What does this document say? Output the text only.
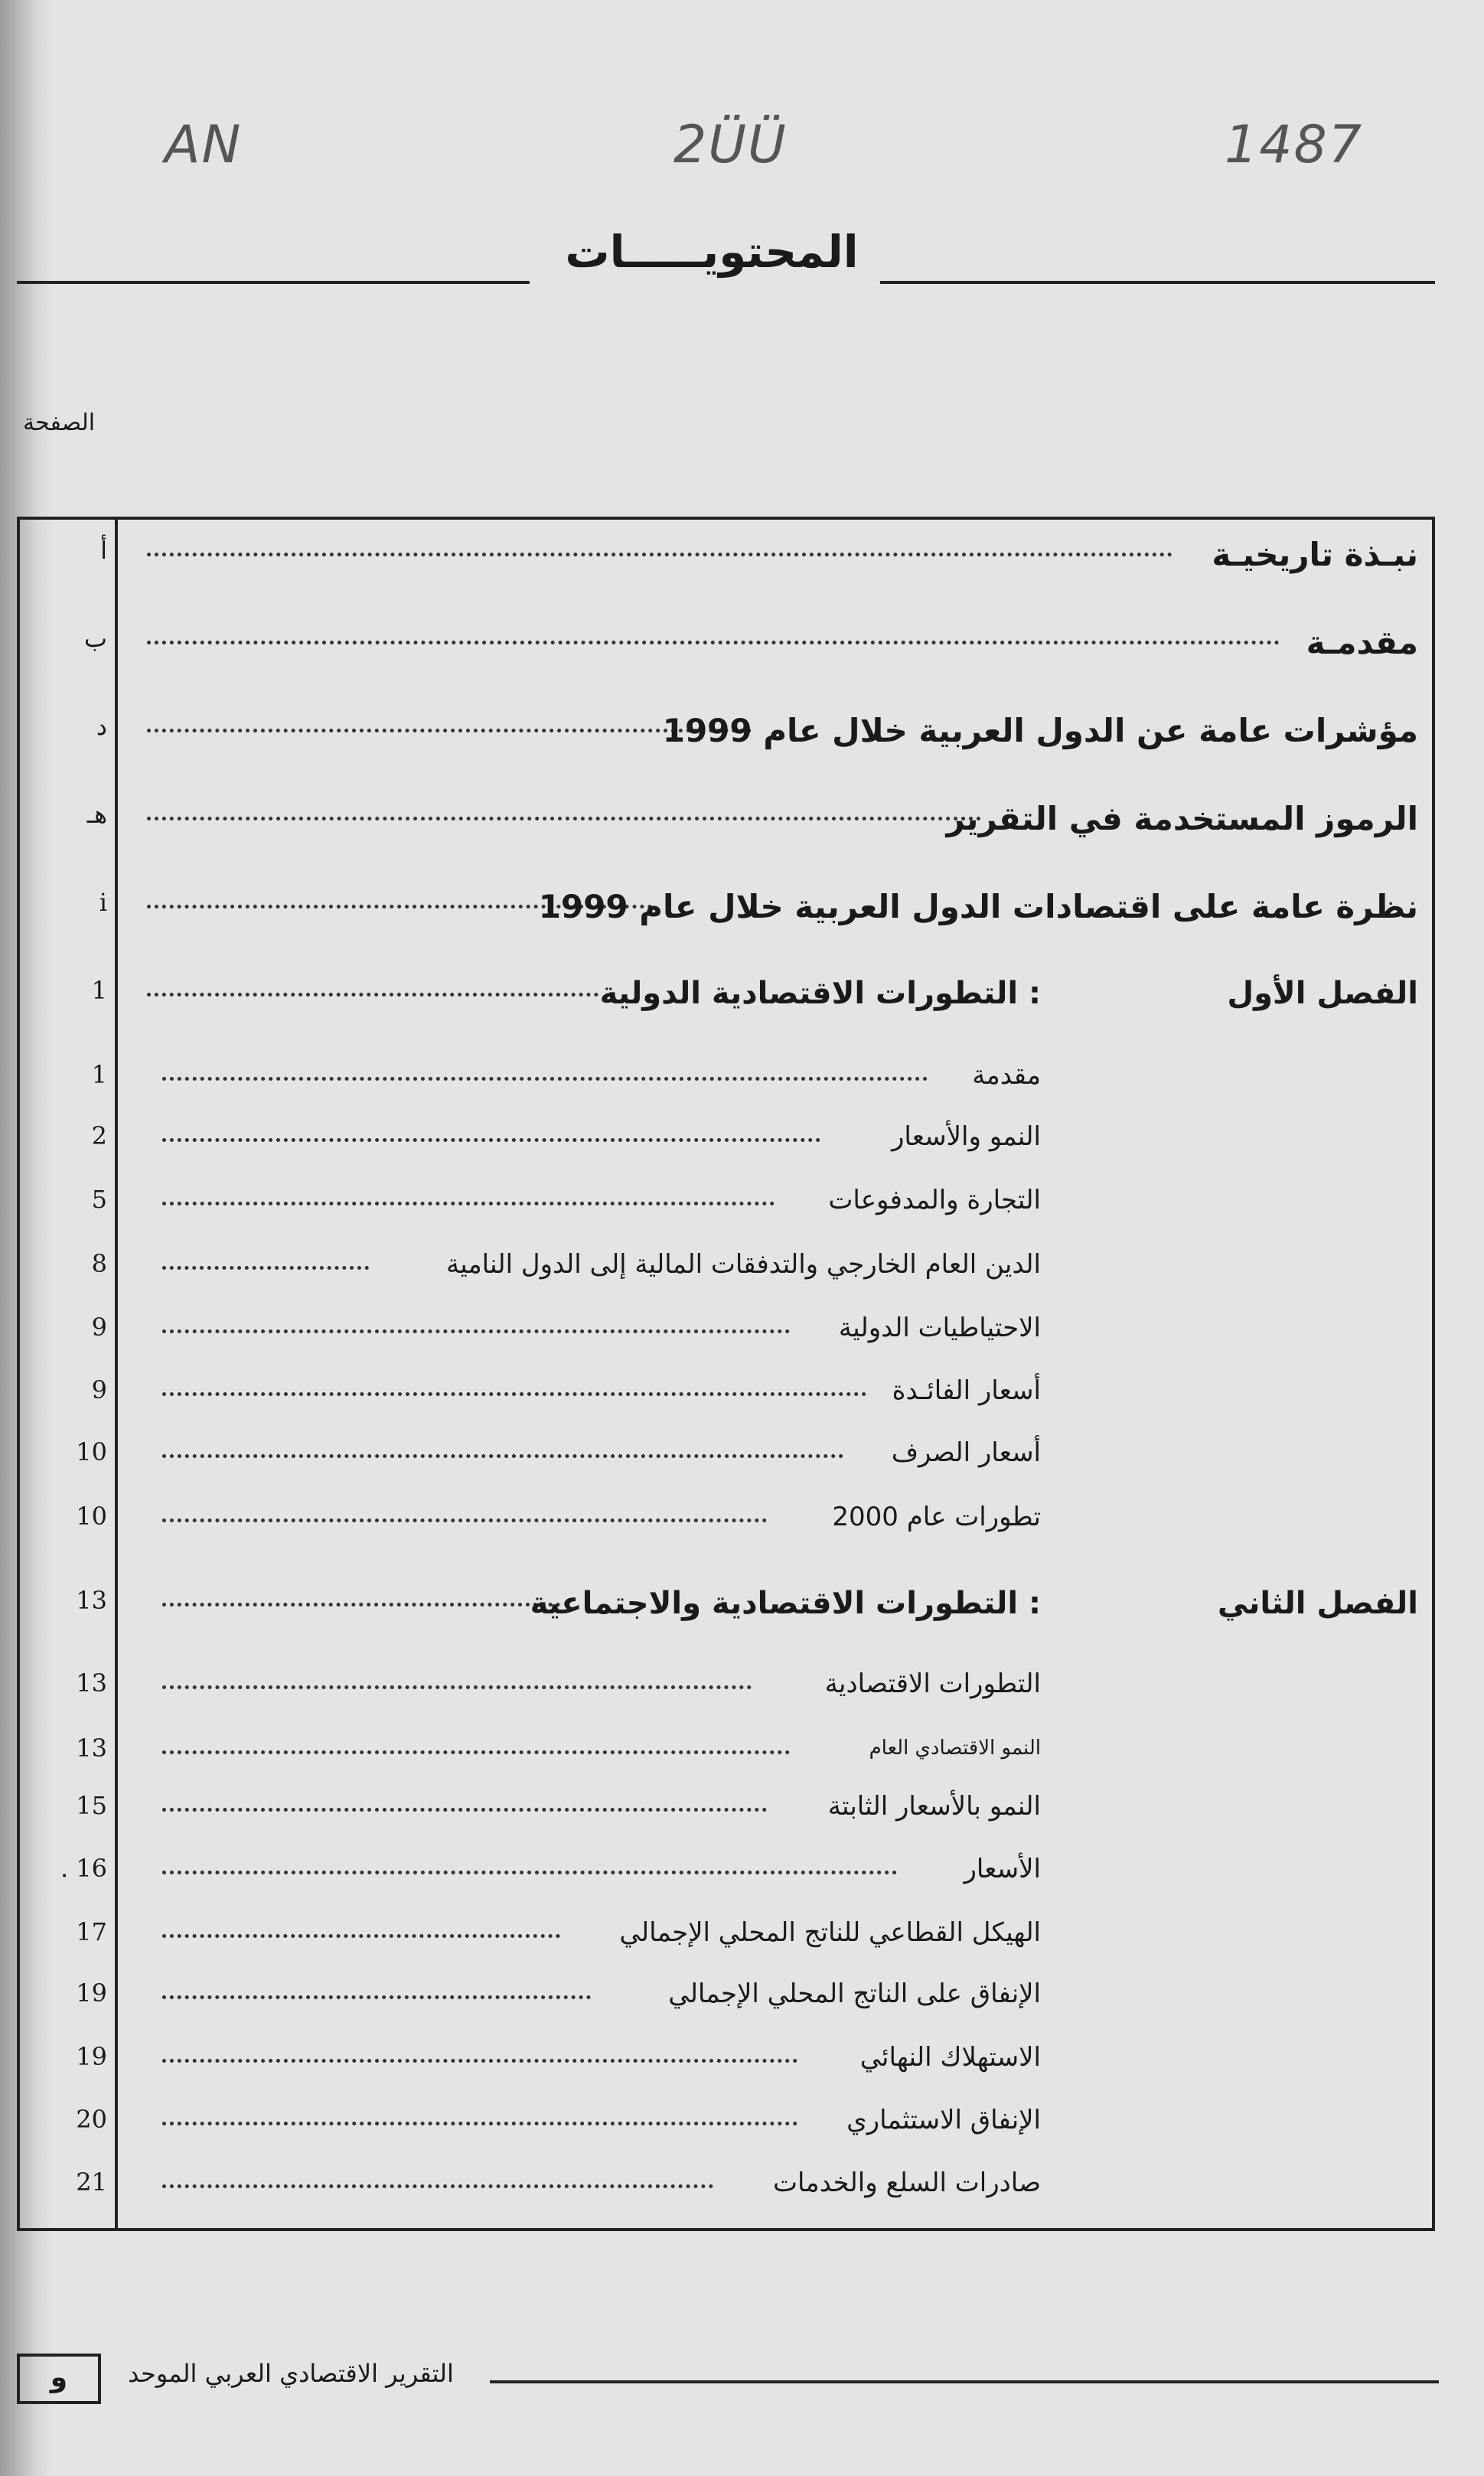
AN	2ÜÜ	1487
المحتويـــــات
الصفحة
أ	نبـذة تاريخيـة
ب	مقدمـة
د	مؤشرات عامة عن الدول العربية خلال عام 1999
هـ	الرموز المستخدمة في التقرير
i	نظرة عامة على اقتصادات الدول العربية خلال عام 1999
1	: التطورات الاقتصادية الدولية	الفصل الأول
1	مقدمة
2	النمو والأسعار
5	التجارة والمدفوعات
8	الدين العام الخارجي والتدفقات المالية إلى الدول النامية
9	الاحتياطيات الدولية
9	أسعار الفائـدة
10	أسعار الصرف
10	تطورات عام 2000
13	: التطورات الاقتصادية والاجتماعية	الفصل الثاني
13	التطورات الاقتصادية
13	النمو الاقتصادي العام
15	النمو بالأسعار الثابتة
. 16	الأسعار
17	الهيكل القطاعي للناتج المحلي الإجمالي
19	الإنفاق على الناتج المحلي الإجمالي
19	الاستهلاك النهائي
20	الإنفاق الاستثماري
21	صادرات السلع والخدمات
و	التقرير الاقتصادي العربي الموحد
